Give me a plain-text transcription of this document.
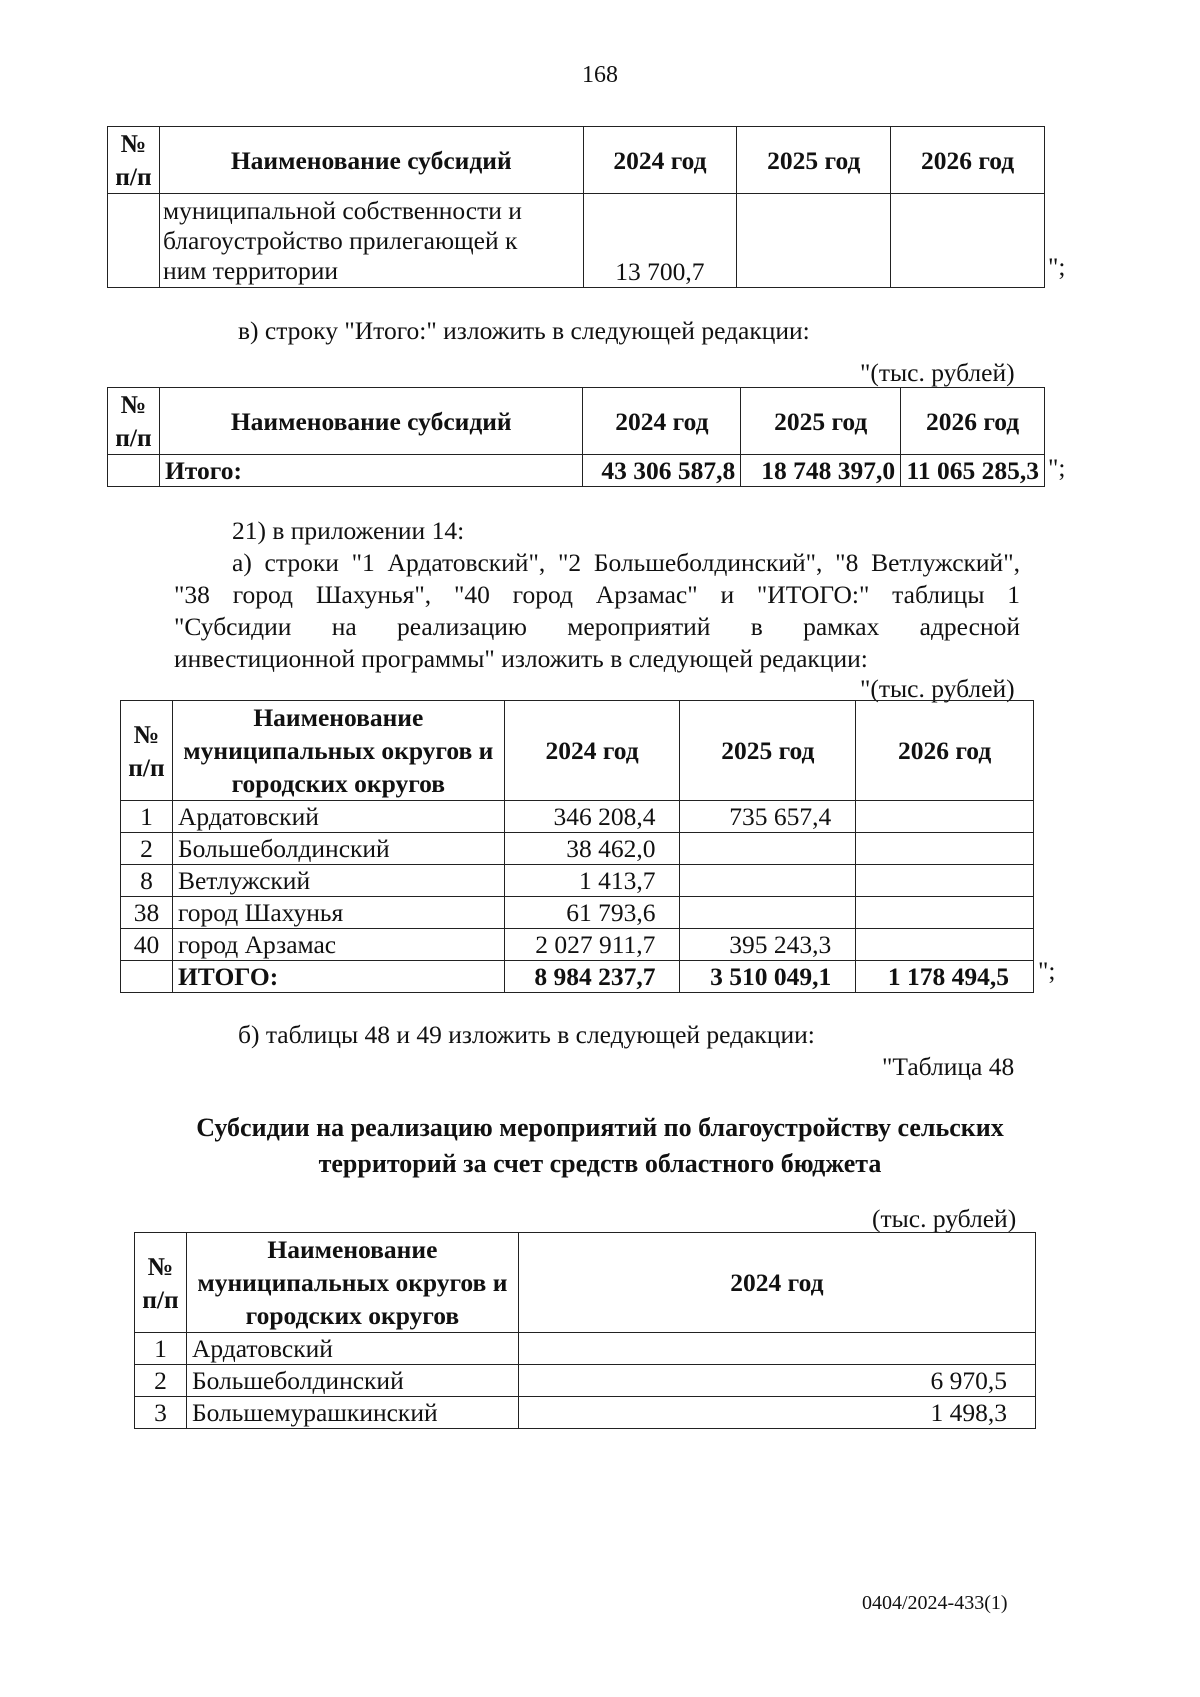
168
№ п/п	Наименование субсидий	2024 год	2025 год	2026 год

	муниципальной собственности и
благоустройство прилегающей к
ним территории	13 700,7			";
в) строку "Итого:" изложить в следующей редакции:
"(тыс. рублей)
№ п/п	Наименование субсидий	2024 год	2025 год	2026 год
	Итого:	43 306 587,8	18 748 397,0	11 065 285,3 ";
21) в приложении 14:
а) строки "1 Ардатовский", "2 Большеболдинский", "8 Ветлужский",
"38 город Шахунья", "40 город Арзамас" и "ИТОГО:" таблицы 1
"Субсидии на реализацию мероприятий в рамках адресной
инвестиционной программы" изложить в следующей редакции:
"(тыс. рублей)
№ п/п	Наименование муниципальных округов и городских округов	2024 год	2025 год	2026 год
1	Ардатовский	346 208,4	735 657,4	
2	Большеболдинский	38 462,0		
8	Ветлужский	1 413,7		
38	город Шахунья	61 793,6		
40	город Арзамас	2 027 911,7	395 243,3	
	ИТОГО:	8 984 237,7	3 510 049,1	1 178 494,5 ";
б) таблицы 48 и 49 изложить в следующей редакции:
"Таблица 48
Субсидии на реализацию мероприятий по благоустройству сельских
территорий за счет средств областного бюджета
(тыс. рублей)
№ п/п	Наименование муниципальных округов и городских округов	2024 год
1	Ардатовский	
2	Большеболдинский	6 970,5
3	Большемурашкинский	1 498,3
0404/2024-433(1)
